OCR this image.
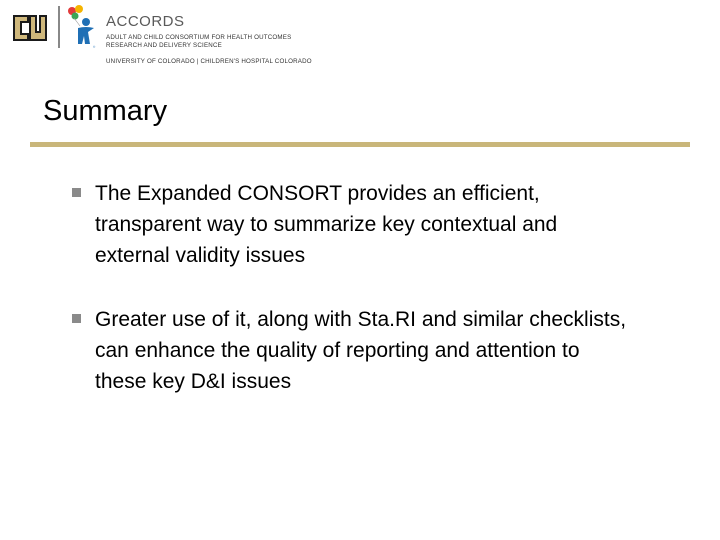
®
ACCORDS
ADULT AND CHILD CONSORTIUM FOR HEALTH OUTCOMES
RESEARCH AND DELIVERY SCIENCE
UNIVERSITY OF COLORADO | CHILDREN'S HOSPITAL COLORADO
Summary
The Expanded CONSORT provides an efficient, transparent way to summarize key contextual and external validity issues
Greater use of it, along with Sta.RI and similar checklists, can enhance the quality of reporting and attention to these key D&I issues
